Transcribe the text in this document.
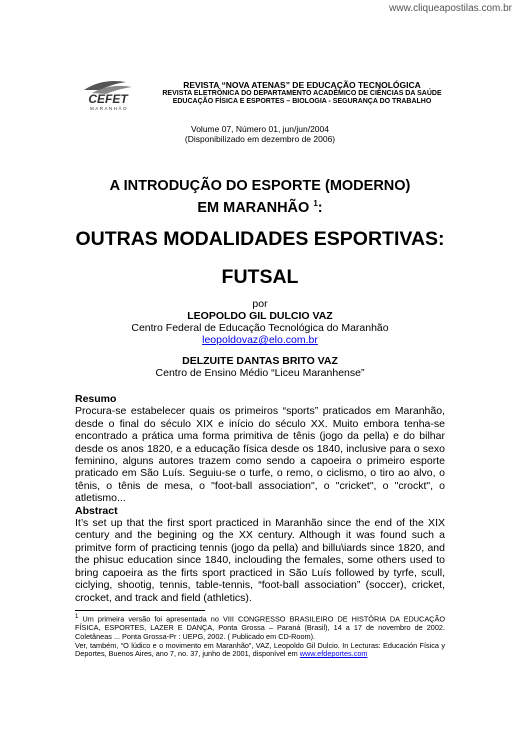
www.cliqueapostilas.com.br
CEFET
MARANHÃO
REVISTA “NOVA ATENAS” DE EDUCAÇÃO TECNOLÓGICA
REVISTA ELETRÔNICA DO DEPARTAMENTO ACADÊMICO DE CIÊNCIAS DA SAÚDE
EDUCAÇÃO FÍSICA E ESPORTES – BIOLOGIA - SEGURANÇA DO TRABALHO
Volume 07, Número 01, jun/jun/2004
(Disponibilizado em dezembro de 2006)
A INTRODUÇÃO DO ESPORTE (MODERNO)
EM MARANHÃO $^1$:
OUTRAS MODALIDADES ESPORTIVAS:
FUTSAL
por
LEOPOLDO GIL DULCIO VAZ
Centro Federal de Educação Tecnológica do Maranhão
leopoldovaz@elo.com.br
DELZUITE DANTAS BRITO VAZ
Centro de Ensino Médio “Liceu Maranhense”
Resumo

Procura-se estabelecer quais os primeiros “sports” praticados em Maranhão, desde o final do século XIX e início do século XX. Muito embora tenha-se encontrado a prática uma forma primitiva de tênis (jogo da pella) e do bilhar desde os anos 1820, e a educação física desde os 1840, inclusive para o sexo feminino, alguns autores trazem como sendo a capoeira o primeiro esporte praticado em São Luís. Seguiu-se o turfe, o remo, o ciclismo, o tiro ao alvo, o tênis, o tênis de mesa, o "foot-ball association", o "cricket", o "crockt", o atletismo...

Abstract

It’s set up that the first sport practiced in Maranhão since the end of the XIX century and the begining og the XX century. Although it was found such a primitve form of practicing tennis (jogo da pella) and billu\iards since 1820, and the phisuc education since 1840, inclouding the females, some others used to bring capoeira as the firts sport practiced in São Luís followed by tyrfe, scull, ciclying, shootig, tennis, table-tennis, “foot-ball association” (soccer), cricket, crocket, and track and field (athletics).

$^1$ Um primeira versão foi apresentada no VIII CONGRESSO BRASILEIRO DE HISTÓRIA DA EDUCAÇÃO FÍSICA, ESPORTES, LAZER E DANÇA, Ponta Grossa – Paraná (Brasil), 14 a 17 de novembro de 2002. Coletâneas ... Ponta Grossa-Pr : UEPG, 2002. ( Publicado em CD-Room).
Ver, também, “O lúdico e o movimento em Maranhão”, VAZ, Leopoldo Gil Dulcio. In Lecturas: Educación Física y Deportes, Buenos Aires, ano 7, no. 37, junho de 2001, disponível em www.efdeportes.com
